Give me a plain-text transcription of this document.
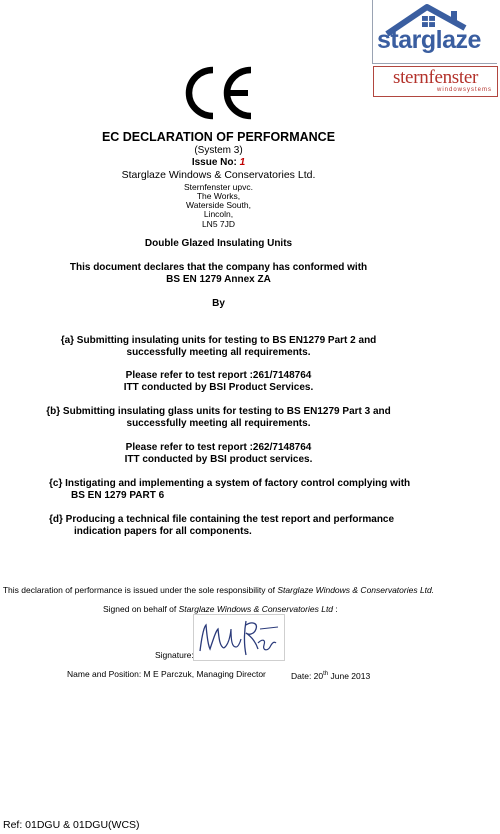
starglaze
sternfenster
windowsystems
EC DECLARATION OF PERFORMANCE
(System 3)
Issue No: 1
Starglaze Windows & Conservatories Ltd.
Sternfenster upvc.
The Works,
Waterside South,
Lincoln,
LN5 7JD
Double Glazed Insulating Units
This document declares that the company has conformed with
BS EN 1279 Annex ZA
By
{a} Submitting insulating units for testing to BS EN1279 Part 2 and
successfully meeting all requirements.
Please refer to test report :261/7148764
ITT conducted by BSI Product Services.
{b} Submitting insulating glass units for testing to BS EN1279 Part 3 and
successfully meeting all requirements.
Please refer to test report :262/7148764
ITT conducted by BSI product services.
{c} Instigating and implementing a system of factory control complying with
BS EN 1279 PART 6
{d} Producing a technical file containing the test report and performance
indication papers for all components.
This declaration of performance is issued under the sole responsibility of Starglaze Windows & Conservatories Ltd.
Signed on behalf of Starglaze Windows & Conservatories Ltd :
Signature:
Name and Position: M E Parczuk, Managing Director	Date: 20th June 2013
Ref: 01DGU & 01DGU(WCS)
